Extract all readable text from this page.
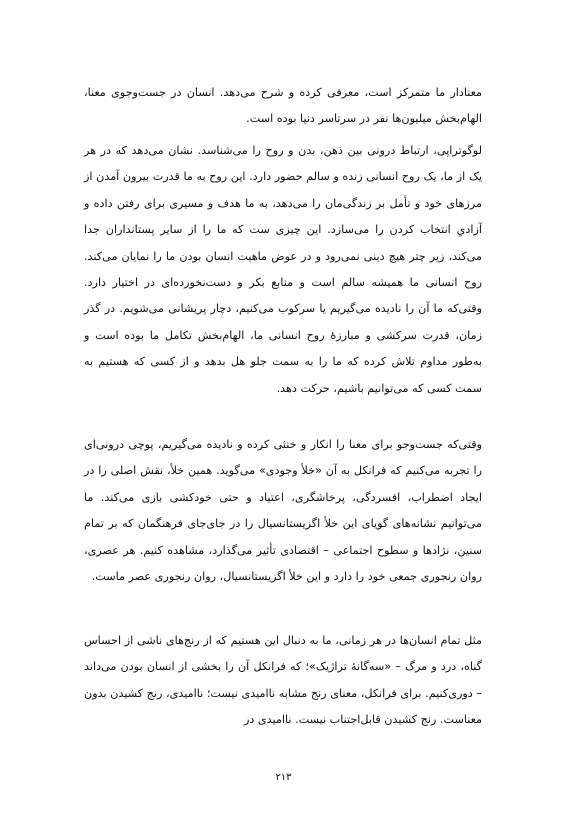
معنادار ما متمرکز است، معرفی کرده و شرح می‌دهد. انسان در جست‌وجوی معنا، الهام‌بخش میلیون‌ها نفر در سرتاسر دنیا بوده است.

لوگوتراپی، ارتباط درونی بین ذهن، بدن و روح را می‌شناسد. نشان می‌دهد که در هر یک از ما، یک روح انسانی زنده و سالم حضور دارد. این روح به ما قدرت بیرون آمدن از مرزهای خود و تأمل بر زندگی‌مان را می‌دهد، به ما هدف و مسیری برای رفتن داده و آزادیِ انتخاب کردن را می‌سازد. این چیزی ست که ما را از سایر پستانداران جدا می‌کند، زیر چتر هیچ دینی نمی‌رود و در عوض ماهیت انسان بودن ما را نمایان می‌کند. روح انسانی ما همیشه سالم است و منابع بکر و دست‌نخورده‌ای در اختیار دارد. وقتی‌که ما آن را نادیده می‌گیریم یا سرکوب می‌کنیم، دچار پریشانی می‌شویم. در گذر زمان، قدرت سرکشی و مبارزهٔ روح انسانی ما، الهام‌بخش تکامل ما بوده است و به‌طور مداوم تلاش کرده که ما را به سمت جلو هل بدهد و از کسی که هستیم به سمت کسی که می‌توانیم باشیم، حرکت دهد.

وقتی‌که جست‌وجو برای معنا را انکار و خنثی کرده و نادیده می‌گیریم، پوچی درونی‌ای را تجربه می‌کنیم که فرانکل به آن «خلأ وجودی» می‌گوید. همین خلأ، نقش اصلی را در ایجاد اضطراب، افسردگی، پرخاشگری، اعتیاد و حتی خودکشی بازی می‌کند. ما می‌توانیم نشانه‌های گویای این خلأ اگزیستانسیال را در جای‌جای فرهنگمان که بر تمام سنین، نژادها و سطوح اجتماعی – اقتصادی تأثیر می‌گذارد، مشاهده کنیم. هر عصری، روان رنجوری جمعی خود را دارد و این خلأ اگزیستانسیال، روان رنجوری عصر ماست.

مثل تمام انسان‌ها در هر زمانی، ما به دنبال این هستیم که از رنج‌های ناشی از احساس گناه، درد و مرگ – «سه‌گانهٔ تراژیک»؛ که فرانکل آن را بخشی از انسان بودن می‌داند – دوری‌کنیم. برای فرانکل، معنای رنج مشابه ناامیدی نیست؛ ناامیدی، رنج کشیدن بدون معناست. رنج کشیدن قابل‌اجتناب نیست. ناامیدی در

۲۱۳
